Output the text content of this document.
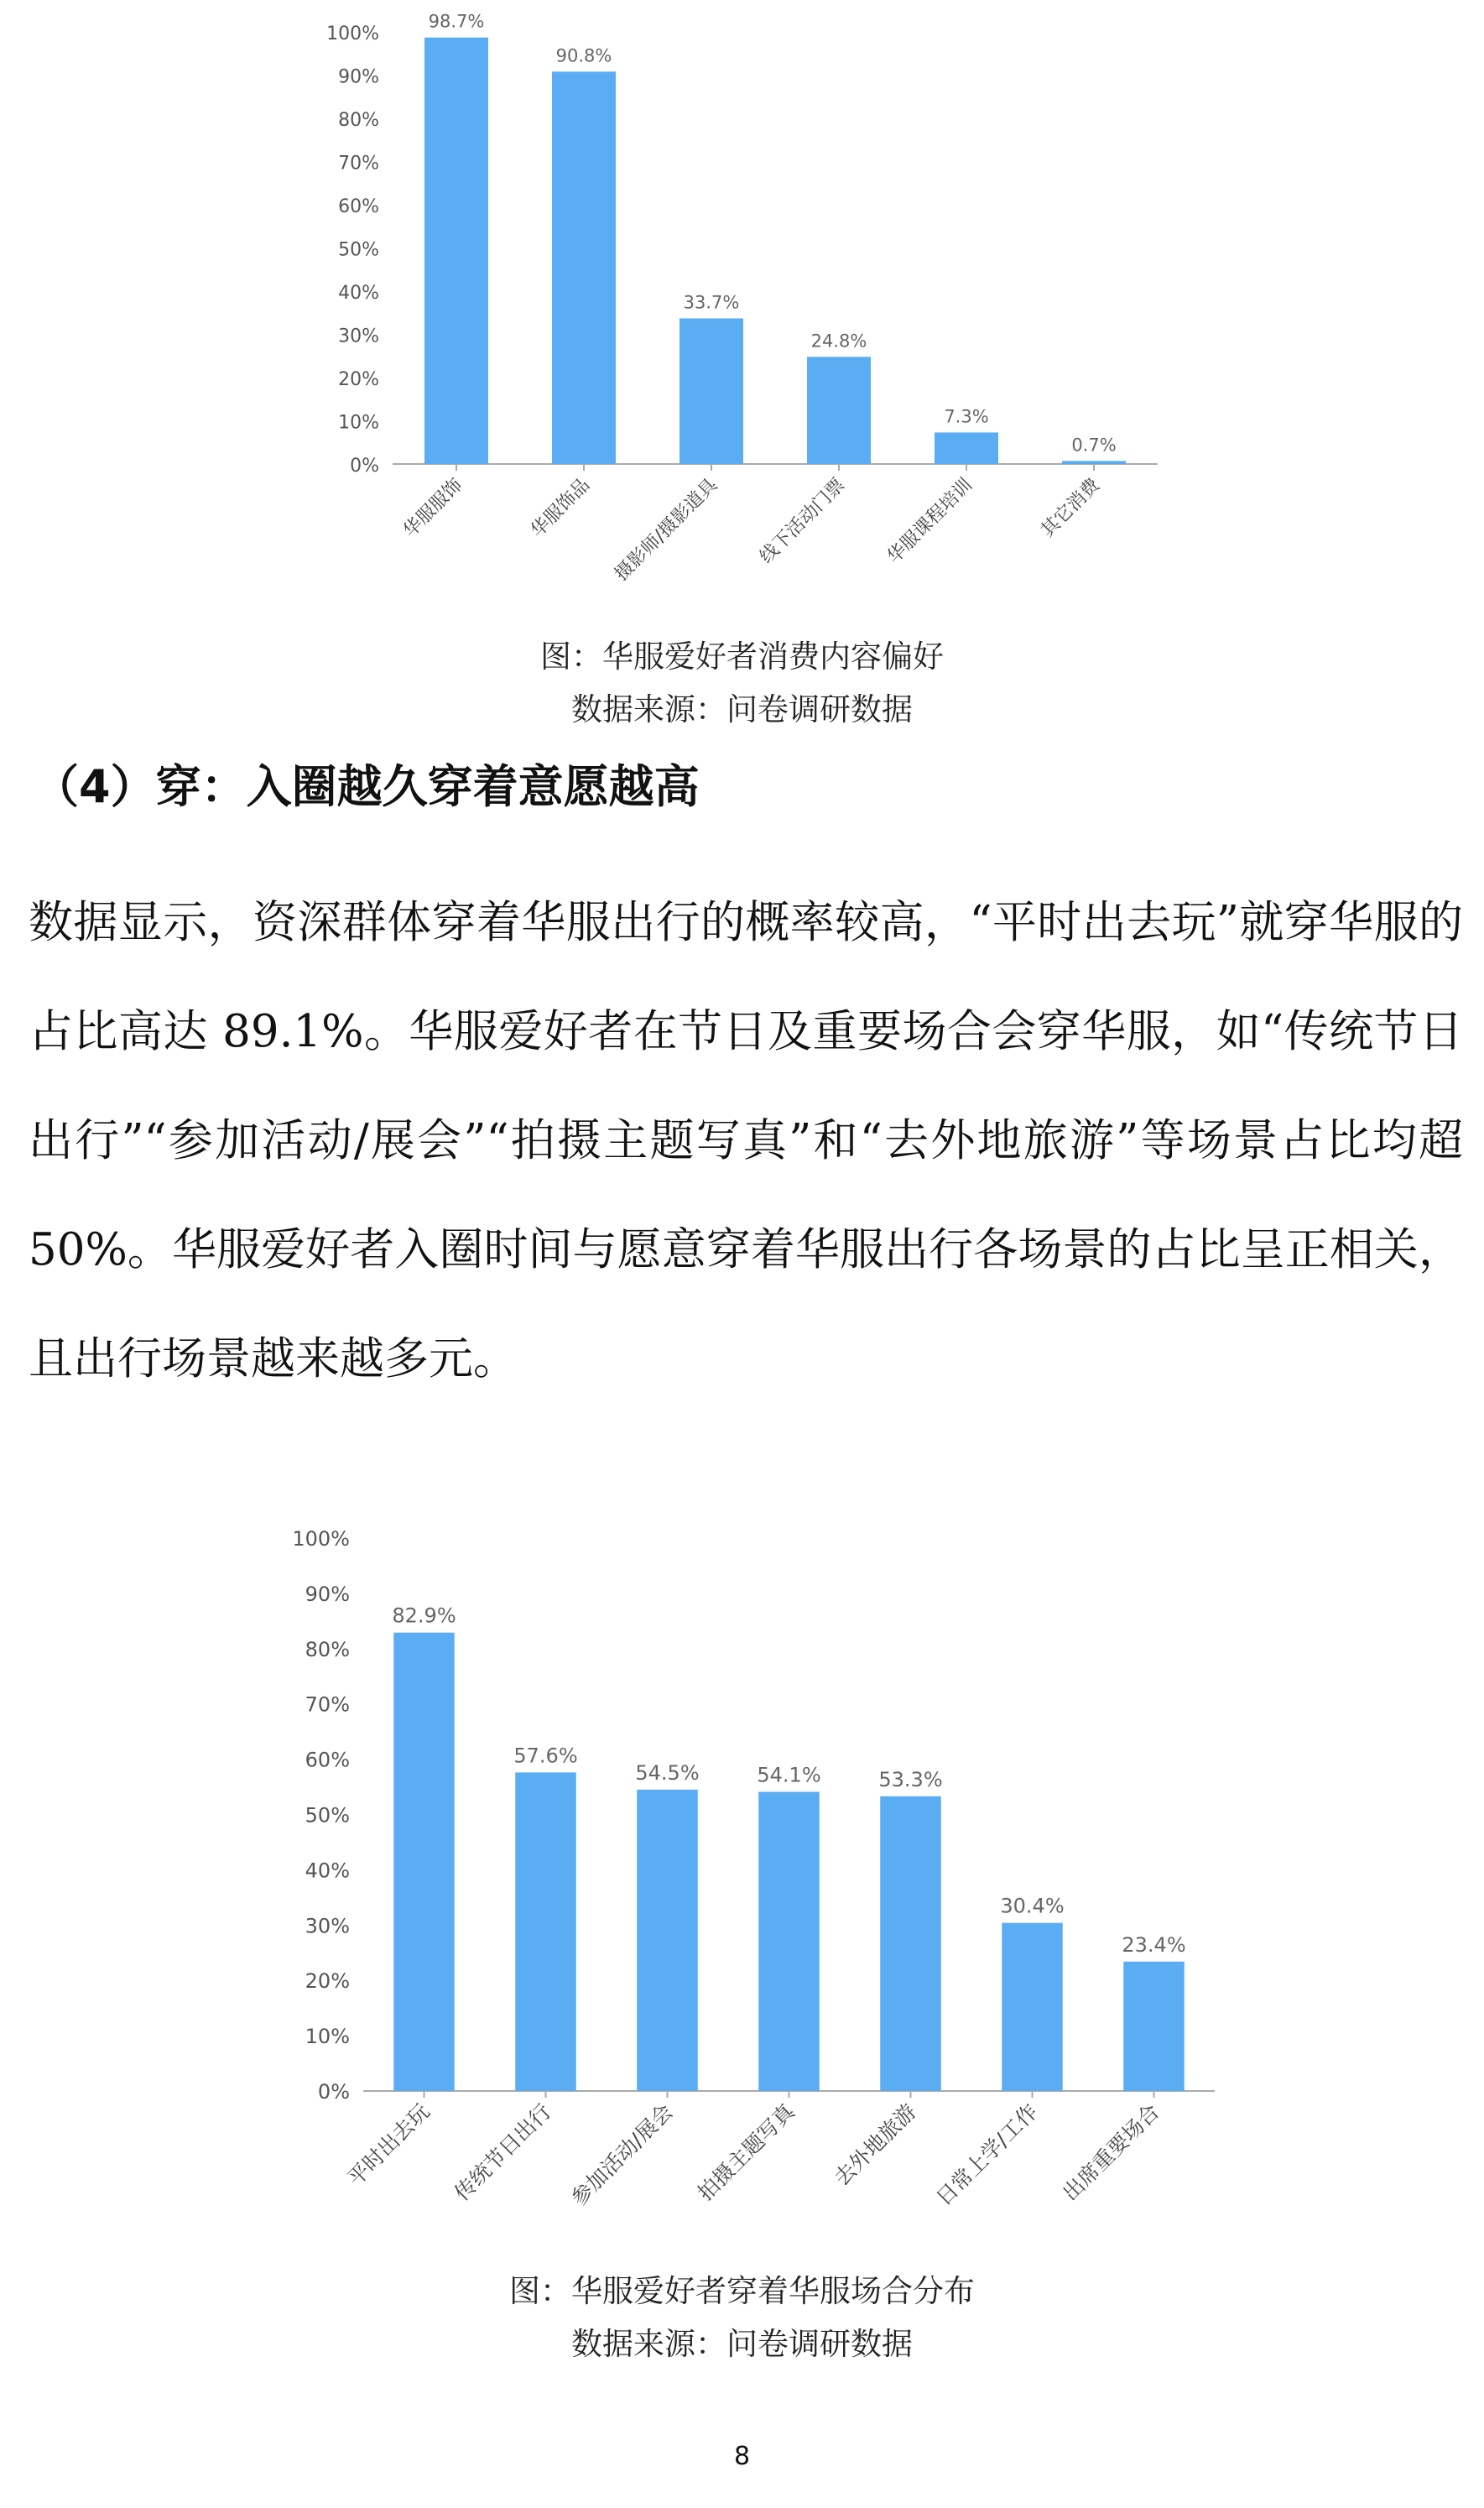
0%
10%
20%
30%
40%
50%
60%
70%
80%
90%
100%
98.7%
华服服饰
90.8%
华服饰品
33.7%
摄影师/摄影道具
24.8%
线下活动门票
7.3%
华服课程培训
0.7%
其它消费
图：华服爱好者消费内容偏好
数据来源：问卷调研数据
（4）穿：入圈越久穿着意愿越高

数据显示，资深群体穿着华服出行的概率较高，“平时出去玩”就穿华服的占比高达 89.1%。华服爱好者在节日及重要场合会穿华服，如“传统节日出行”“参加活动/展会”“拍摄主题写真”和“去外地旅游”等场景占比均超 50%。华服爱好者入圈时间与愿意穿着华服出行各场景的占比呈正相关，且出行场景越来越多元。

0%
10%
20%
30%
40%
50%
60%
70%
80%
90%
100%
82.9%
平时出去玩
57.6%
传统节日出行
54.5%
参加活动/展会
54.1%
拍摄主题写真
53.3%
去外地旅游
30.4%
日常上学/工作
23.4%
出席重要场合
图：华服爱好者穿着华服场合分布
数据来源：问卷调研数据
8
